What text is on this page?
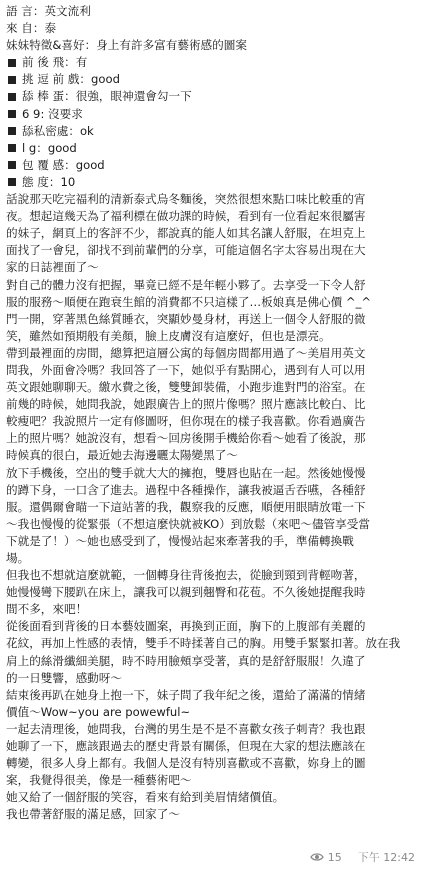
語 言：英文流利
來 自：泰
妹妹特徵&喜好：身上有許多富有藝術感的圖案
前 後 飛：有
挑 逗 前 戲：good
舔 棒 蛋：很強，眼神還會勾一下
6 9: 沒要求
舔私密處：ok
l g：good
包 覆 感：good
態 度：10
話說那天吃完福利的清新泰式烏冬麵後，突然很想來點口味比較重的宵
夜。想起這幾天為了福利標在做功課的時候，看到有一位看起來很屬害
的妹子，網頁上的客評不少，都說真的能人如其名讓人舒服，在坦克上
面找了一會兒，卻找不到前輩們的分享，可能這個名字太容易出現在大
家的日誌裡面了～
對自己的體力沒有把握，畢竟已經不是年輕小夥了。去享受一下令人舒
服的服務～順便在跑衰生館的消費都不只這樣了…板娘真是佛心價 ^_^
門一開，穿著黑色絲質睡衣，突顯妙曼身材，再送上一個令人舒服的微
笑，雖然如預期般有美顏，臉上皮膚沒有這麼好，但也是漂亮。
帶到最裡面的房間，總算把這層公寓的每個房間都用過了～美眉用英文
問我，外面會冷嗎？我回答了一下，她似乎有點開心，遇到有人可以用
英文跟她聊聊天。繳水費之後，雙雙卸裝備，小跑步進對門的浴室。在
前幾的時候，她問我說，她跟廣告上的照片像嗎？照片應該比較白、比
較瘦吧？我說照片一定有修圖呀，但你現在的樣子我喜歡。你看過廣告
上的照片嗎？她說沒有，想看～回房後開手機給你看～她看了後說，那
時候真的很白，最近她去海邊曬太陽變黑了～
放下手機後，空出的雙手就大大的擁抱，雙唇也貼在一起。然後她慢慢
的蹲下身，一口含了進去。過程中各種操作，讓我被逼舌吞嚥，各種舒
服。還偶爾會瞄一下這站著的我，觀察我的反應，順便用眼睛放電一下
～我也慢慢的從緊張（不想這麼快就被KO）到放鬆（來吧～儘管享受當
下就是了！）～她也感受到了，慢慢站起來牽著我的手，準備轉換戰
場。
但我也不想就這麼就範，一個轉身往背後抱去，從臉到頸到背輕吻著，
她慢慢彎下腰趴在床上，讓我可以親到翹臀和花苞。不久後她提醒我時
間不多，來吧！
從後面看到背後的日本藝妓圖案，再換到正面，胸下的上腹部有美麗的
花紋，再加上性感的表情，雙手不時揉著自己的胸。用雙手緊緊扣著。放在我
肩上的絲滑纖細美腿，時不時用臉頰享受著，真的是舒舒服服！久違了
的一日雙響，感動呀～
結束後再趴在她身上抱一下，妹子問了我年紀之後，還給了滿滿的情緒
價值～Wow~you are powewful~
一起去清理後，她問我，台灣的男生是不是不喜歡女孩子刺青？我也跟
她聊了一下，應該跟過去的歷史背景有關係，但現在大家的想法應該在
轉變，很多人身上都有。我個人是沒有特別喜歡或不喜歡，妳身上的圖
案，我覺得很美，像是一種藝術吧～
她又給了一個舒服的笑容，看來有給到美眉情緒價值。
我也帶著舒服的滿足感，回家了～
15 下午 12:42
